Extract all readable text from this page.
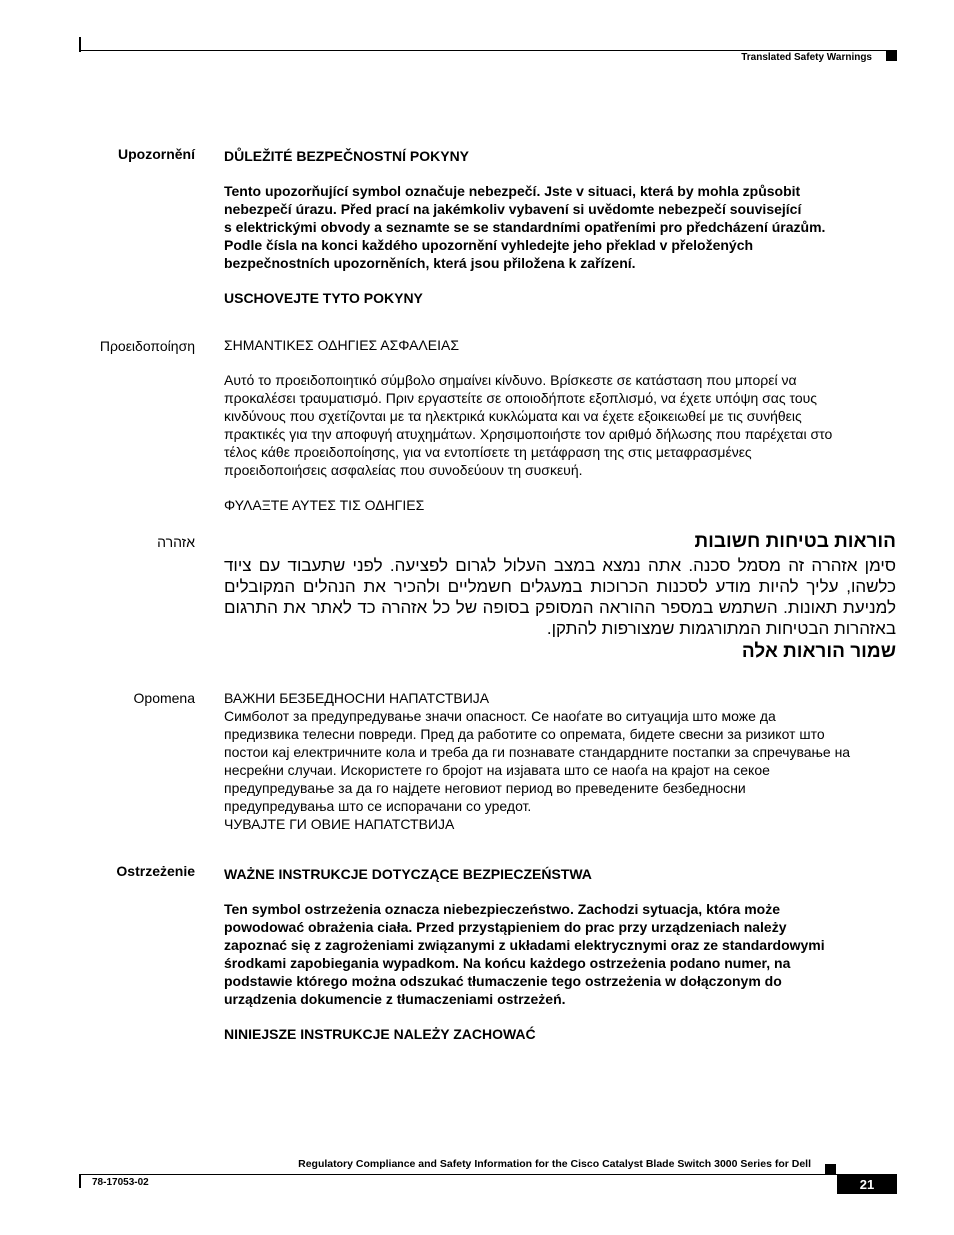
Translated Safety Warnings
Upozornění DŮLEŽITÉ BEZPEČNOSTNÍ POKYNY

Tento upozorňující symbol označuje nebezpečí. Jste v situaci, která by mohla způsobit

nebezpečí úrazu. Před prací na jakémkoliv vybavení si uvědomte nebezpečí související

s elektrickými obvody a seznamte se se standardními opatřeními pro předcházení úrazům.

Podle čísla na konci každého upozornění vyhledejte jeho překlad v přeložených

bezpečnostních upozorněních, která jsou přiložena k zařízení.

USCHOVEJTE TYTO POKYNY

Προειδοποίηση ΣΗΜΑΝΤΙΚΕΣ ΟΔΗΓΙΕΣ ΑΣΦΑΛΕΙΑΣ

Αυτό το προειδοποιητικό σύμβολο σημαίνει κίνδυνο. Βρίσκεστε σε κατάσταση που μπορεί να

προκαλέσει τραυματισμό. Πριν εργαστείτε σε οποιοδήποτε εξοπλισμό, να έχετε υπόψη σας τους

κινδύνους που σχετίζονται με τα ηλεκτρικά κυκλώματα και να έχετε εξοικειωθεί με τις συνήθεις

πρακτικές για την αποφυγή ατυχημάτων. Χρησιμοποιήστε τον αριθμό δήλωσης που παρέχεται στο

τέλος κάθε προειδοποίησης, για να εντοπίσετε τη μετάφραση της στις μεταφρασμένες

προειδοποιήσεις ασφαλείας που συνοδεύουν τη συσκευή.

ΦΥΛΑΞΤΕ ΑΥΤΕΣ ΤΙΣ ΟΔΗΓΙΕΣ

אזהרה	הוראות בטיחות חשובות

סימן אזהרה זה מסמל סכנה. אתה נמצא במצב העלול לגרום לפציעה. לפני שתעבוד עם ציוד כלשהו, עליך להיות מודע לסכנות הכרוכות במעגלים חשמליים ולהכיר את הנהלים המקובלים למניעת תאונות. השתמש במספר ההוראה המסופק בסופה של כל אזהרה כד לאתר את התרגום באזהרות הבטיחות המתורגמות שמצורפות להתקן.

שמור הוראות אלה

Opomena ВАЖНИ БЕЗБЕДНОСНИ НАПАТСТВИЈА

Симболот за предупредување значи опасност. Се наоѓате во ситуација што може да

предизвика телесни повреди. Пред да работите со опремата, бидете свесни за ризикот што

постои кај електричните кола и треба да ги познавате стандардните постапки за спречување на

несреќни случаи. Искористете го бројот на изјавата што се наоѓа на крајот на секое

предупредување за да го најдете неговиот период во преведените безбедносни

предупредувања што се испорачани со уредот.

ЧУВАЈТЕ ГИ ОВИЕ НАПАТСТВИЈА

Ostrzeżenie WAŻNE INSTRUKCJE DOTYCZĄCE BEZPIECZEŃSTWA

Ten symbol ostrzeżenia oznacza niebezpieczeństwo. Zachodzi sytuacja, która może

powodować obrażenia ciała. Przed przystąpieniem do prac przy urządzeniach należy

zapoznać się z zagrożeniami związanymi z układami elektrycznymi oraz ze standardowymi

środkami zapobiegania wypadkom. Na końcu każdego ostrzeżenia podano numer, na

podstawie którego można odszukać tłumaczenie tego ostrzeżenia w dołączonym do

urządzenia dokumencie z tłumaczeniami ostrzeżeń.

NINIEJSZE INSTRUKCJE NALEŻY ZACHOWAĆ

Regulatory Compliance and Safety Information for the Cisco Catalyst Blade Switch 3000 Series for Dell
78-17053-02	21
